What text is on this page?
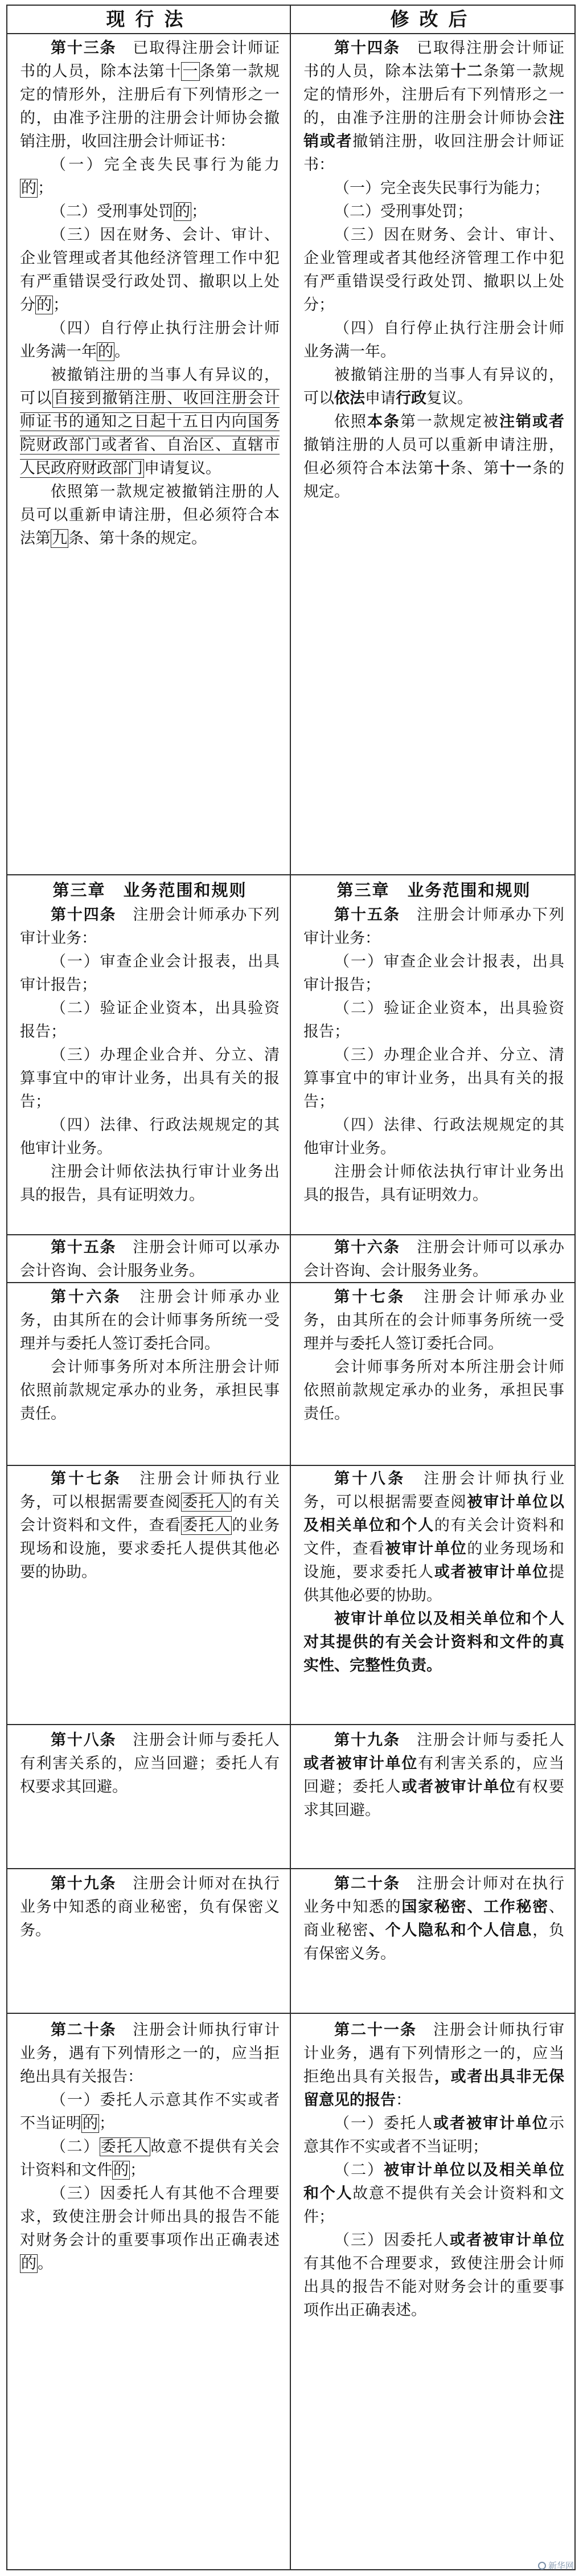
现行法	修改后

第十三条　已取得注册会计师证书的人员，除本法第十一条第一款规定的情形外，注册后有下列情形之一的，由准予注册的注册会计师协会撤销注册，收回注册会计师证书：

（一）完全丧失民事行为能力的；

（二）受刑事处罚的；

（三）因在财务、会计、审计、企业管理或者其他经济管理工作中犯有严重错误受行政处罚、撤职以上处分的；

（四）自行停止执行注册会计师业务满一年的。

被撤销注册的当事人有异议的，可以自接到撤销注册、收回注册会计师证书的通知之日起十五日内向国务院财政部门或者省、自治区、直辖市人民政府财政部门申请复议。

依照第一款规定被撤销注册的人员可以重新申请注册，但必须符合本法第九条、第十条的规定。

第十四条　已取得注册会计师证书的人员，除本法第十二条第一款规定的情形外，注册后有下列情形之一的，由准予注册的注册会计师协会注销或者撤销注册，收回注册会计师证书：

（一）完全丧失民事行为能力；

（二）受刑事处罚；

（三）因在财务、会计、审计、企业管理或者其他经济管理工作中犯有严重错误受行政处罚、撤职以上处分；

（四）自行停止执行注册会计师业务满一年。

被撤销注册的当事人有异议的，可以依法申请行政复议。

依照本条第一款规定被注销或者撤销注册的人员可以重新申请注册，但必须符合本法第十条、第十一条的规定。

第三章　业务范围和规则

第十四条　注册会计师承办下列审计业务：

（一）审查企业会计报表，出具审计报告；

（二）验证企业资本，出具验资报告；

（三）办理企业合并、分立、清算事宜中的审计业务，出具有关的报告；

（四）法律、行政法规规定的其他审计业务。

注册会计师依法执行审计业务出具的报告，具有证明效力。

第三章　业务范围和规则

第十五条　注册会计师承办下列审计业务：

（一）审查企业会计报表，出具审计报告；

（二）验证企业资本，出具验资报告；

（三）办理企业合并、分立、清算事宜中的审计业务，出具有关的报告；

（四）法律、行政法规规定的其他审计业务。

注册会计师依法执行审计业务出具的报告，具有证明效力。

第十五条　注册会计师可以承办会计咨询、会计服务业务。

第十六条　注册会计师可以承办会计咨询、会计服务业务。

第十六条　注册会计师承办业务，由其所在的会计师事务所统一受理并与委托人签订委托合同。

会计师事务所对本所注册会计师依照前款规定承办的业务，承担民事责任。

第十七条　注册会计师承办业务，由其所在的会计师事务所统一受理并与委托人签订委托合同。

会计师事务所对本所注册会计师依照前款规定承办的业务，承担民事责任。

第十七条　注册会计师执行业务，可以根据需要查阅委托人的有关会计资料和文件，查看委托人的业务现场和设施，要求委托人提供其他必要的协助。

第十八条　注册会计师执行业务，可以根据需要查阅被审计单位以及相关单位和个人的有关会计资料和文件，查看被审计单位的业务现场和设施，要求委托人或者被审计单位提供其他必要的协助。

被审计单位以及相关单位和个人对其提供的有关会计资料和文件的真实性、完整性负责。

第十八条　注册会计师与委托人有利害关系的，应当回避；委托人有权要求其回避。

第十九条　注册会计师与委托人或者被审计单位有利害关系的，应当回避；委托人或者被审计单位有权要求其回避。

第十九条　注册会计师对在执行业务中知悉的商业秘密，负有保密义务。

第二十条　注册会计师对在执行业务中知悉的国家秘密、工作秘密、商业秘密、个人隐私和个人信息，负有保密义务。

第二十条　注册会计师执行审计业务，遇有下列情形之一的，应当拒绝出具有关报告：

（一）委托人示意其作不实或者不当证明的；

（二）委托人故意不提供有关会计资料和文件的；

（三）因委托人有其他不合理要求，致使注册会计师出具的报告不能对财务会计的重要事项作出正确表述的。

第二十一条　注册会计师执行审计业务，遇有下列情形之一的，应当拒绝出具有关报告，或者出具非无保留意见的报告：

（一）委托人或者被审计单位示意其作不实或者不当证明；

（二）被审计单位以及相关单位和个人故意不提供有关会计资料和文件；

（三）因委托人或者被审计单位有其他不合理要求，致使注册会计师出具的报告不能对财务会计的重要事项作出正确表述。

新华网
